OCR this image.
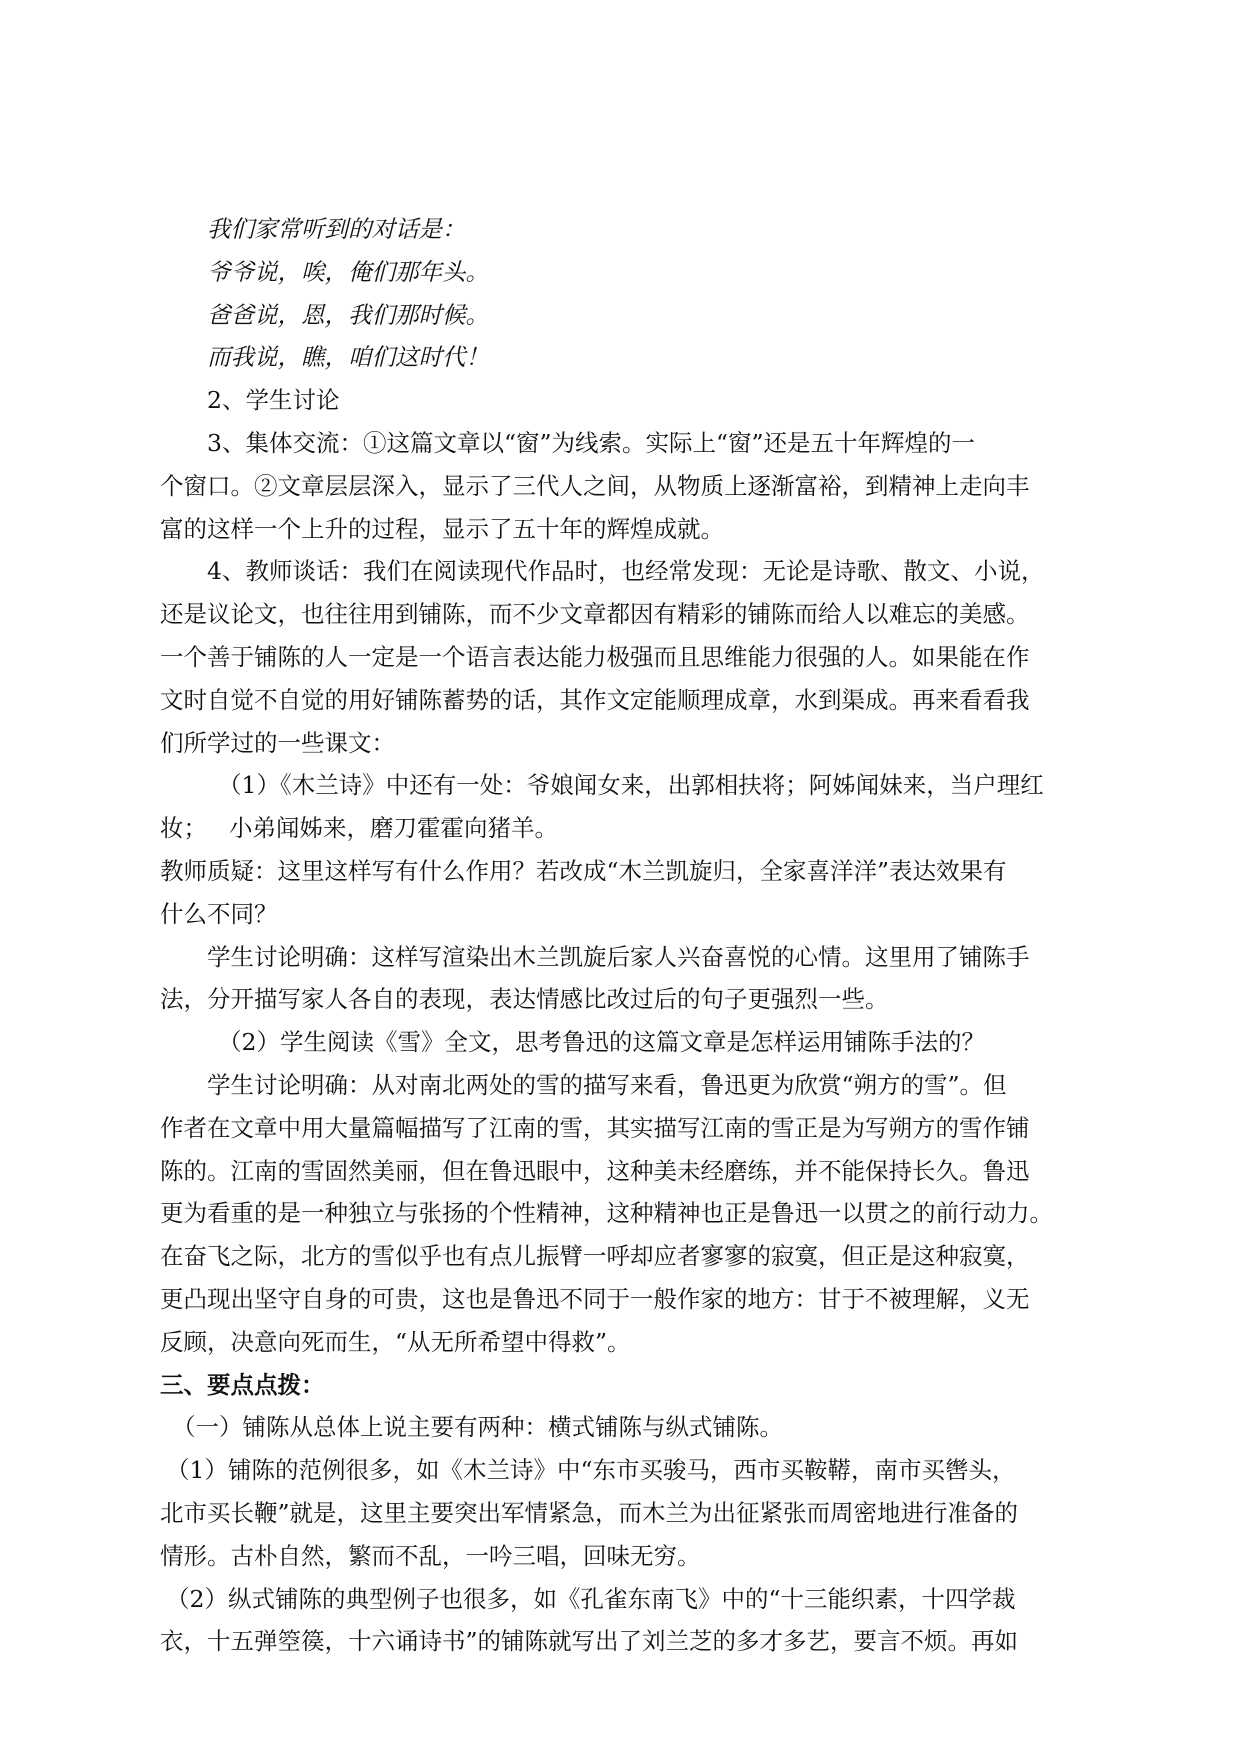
我们家常听到的对话是：

爷爷说，唉，俺们那年头。

爸爸说，恩，我们那时候。

而我说，瞧，咱们这时代！

2、学生讨论

3、集体交流：①这篇文章以“窗”为线索。实际上“窗”还是五十年辉煌的一

个窗口。②文章层层深入，显示了三代人之间，从物质上逐渐富裕，到精神上走向丰

富的这样一个上升的过程，显示了五十年的辉煌成就。

4、教师谈话：我们在阅读现代作品时，也经常发现：无论是诗歌、散文、小说，

还是议论文，也往往用到铺陈，而不少文章都因有精彩的铺陈而给人以难忘的美感。

一个善于铺陈的人一定是一个语言表达能力极强而且思维能力很强的人。如果能在作

文时自觉不自觉的用好铺陈蓄势的话，其作文定能顺理成章，水到渠成。再来看看我

们所学过的一些课文：

（1）《木兰诗》中还有一处：爷娘闻女来，出郭相扶将；阿姊闻妹来，当户理红

妆； 小弟闻姊来，磨刀霍霍向猪羊。

教师质疑：这里这样写有什么作用？若改成“木兰凯旋归，全家喜洋洋”表达效果有

什么不同？

学生讨论明确：这样写渲染出木兰凯旋后家人兴奋喜悦的心情。这里用了铺陈手

法，分开描写家人各自的表现，表达情感比改过后的句子更强烈一些。

（2）学生阅读《雪》全文，思考鲁迅的这篇文章是怎样运用铺陈手法的？

学生讨论明确：从对南北两处的雪的描写来看，鲁迅更为欣赏“朔方的雪”。但

作者在文章中用大量篇幅描写了江南的雪，其实描写江南的雪正是为写朔方的雪作铺

陈的。江南的雪固然美丽，但在鲁迅眼中，这种美未经磨练，并不能保持长久。鲁迅

更为看重的是一种独立与张扬的个性精神，这种精神也正是鲁迅一以贯之的前行动力。

在奋飞之际，北方的雪似乎也有点儿振臂一呼却应者寥寥的寂寞，但正是这种寂寞，

更凸现出坚守自身的可贵，这也是鲁迅不同于一般作家的地方：甘于不被理解，义无

反顾，决意向死而生，“从无所希望中得救”。

三、要点点拨：

（一）铺陈从总体上说主要有两种：横式铺陈与纵式铺陈。

（1）铺陈的范例很多，如《木兰诗》中“东市买骏马，西市买鞍鞯，南市买辔头，

北市买长鞭”就是，这里主要突出军情紧急，而木兰为出征紧张而周密地进行准备的

情形。古朴自然，繁而不乱，一吟三唱，回味无穷。

（2）纵式铺陈的典型例子也很多，如《孔雀东南飞》中的“十三能织素，十四学裁

衣，十五弹箜篌，十六诵诗书”的铺陈就写出了刘兰芝的多才多艺，要言不烦。再如
